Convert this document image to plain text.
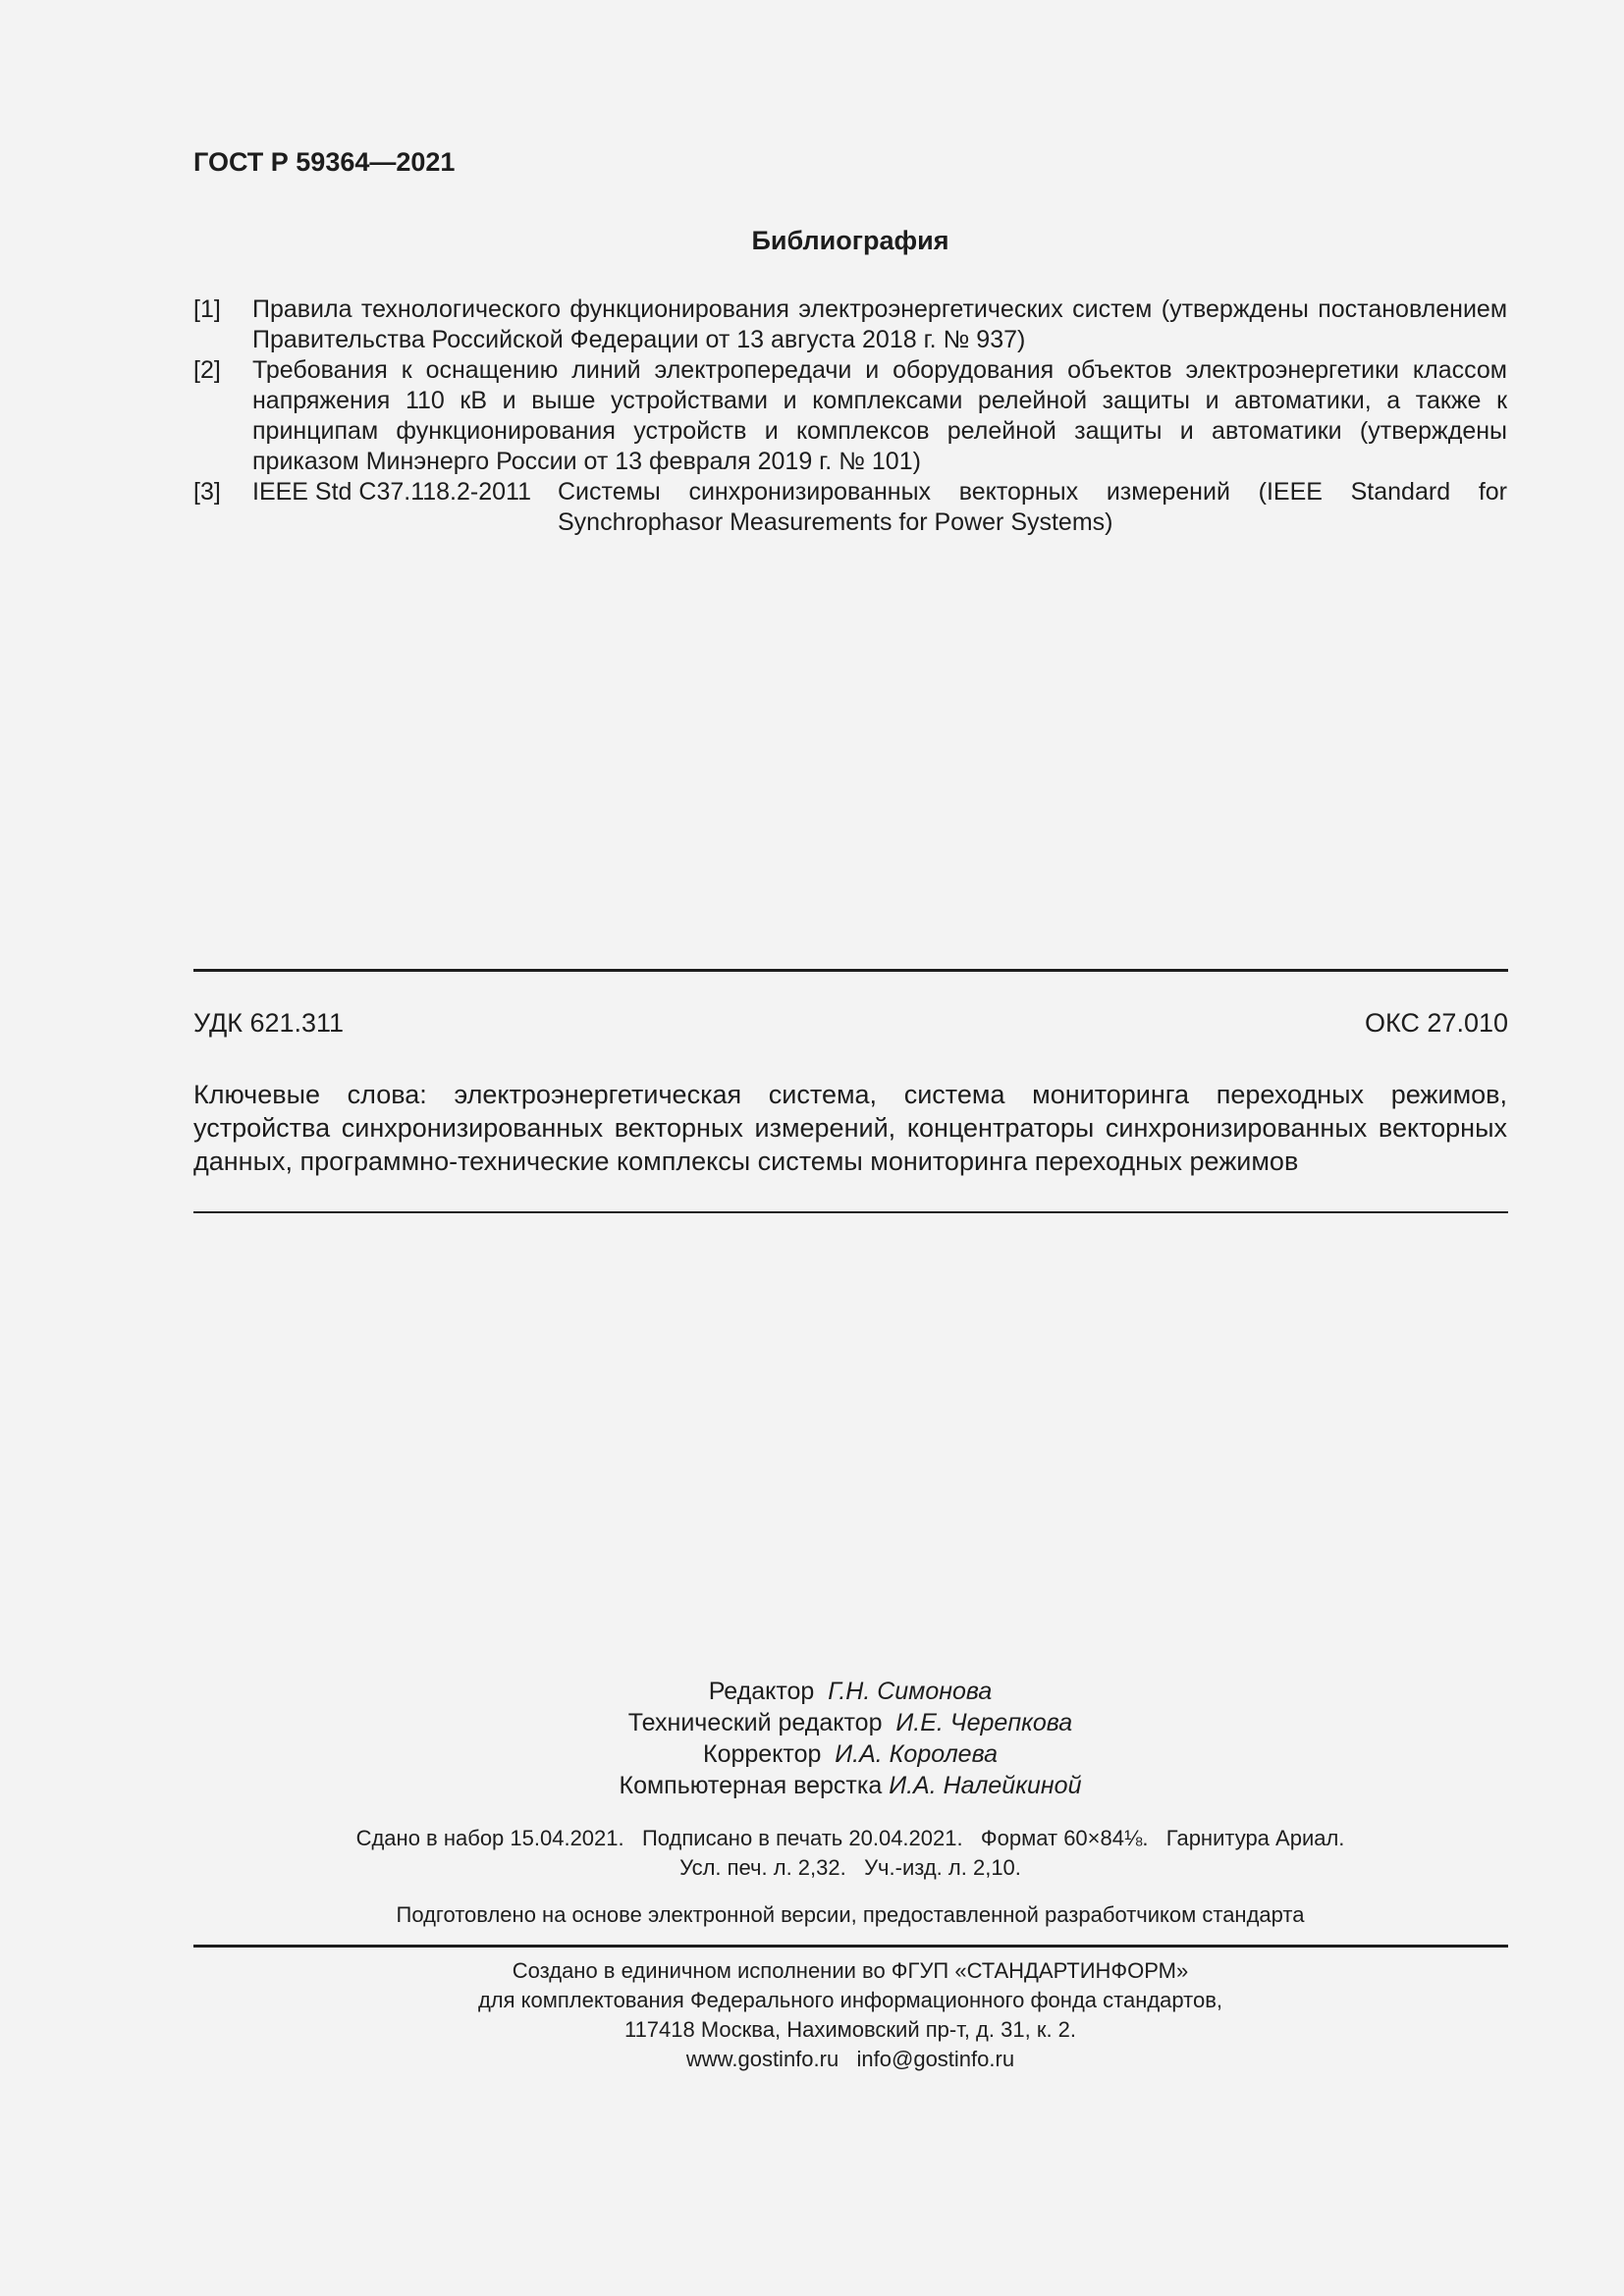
ГОСТ Р 59364—2021
Библиография
[1]	Правила технологического функционирования электроэнергетических систем (утверждены постановлением Правительства Российской Федерации от 13 августа 2018 г. № 937)
[2]	Требования к оснащению линий электропередачи и оборудования объектов электроэнергетики классом напряжения 110 кВ и выше устройствами и комплексами релейной защиты и автоматики, а также к принципам функционирования устройств и комплексов релейной защиты и автоматики (утверждены приказом Минэнерго России от 13 февраля 2019 г. № 101)
[3]	IEEE Std C37.118.2-2011	Системы синхронизированных векторных измерений (IEEE Standard for Synchrophasor Measurements for Power Systems)
УДК 621.311	ОКС 27.010
Ключевые слова: электроэнергетическая система, система мониторинга переходных режимов, устройства синхронизированных векторных измерений, концентраторы синхронизированных векторных данных, программно-технические комплексы системы мониторинга переходных режимов
Редактор Г.Н. Симонова
Технический редактор И.Е. Черепкова
Корректор И.А. Королева
Компьютерная верстка И.А. Налейкиной
Сдано в набор 15.04.2021.   Подписано в печать 20.04.2021.   Формат 60×84⅛.   Гарнитура Ариал.
Усл. печ. л. 2,32.   Уч.-изд. л. 2,10.
Подготовлено на основе электронной версии, предоставленной разработчиком стандарта
Создано в единичном исполнении во ФГУП «СТАНДАРТИНФОРМ»
для комплектования Федерального информационного фонда стандартов,
117418 Москва, Нахимовский пр-т, д. 31, к. 2.
www.gostinfo.ru   info@gostinfo.ru
